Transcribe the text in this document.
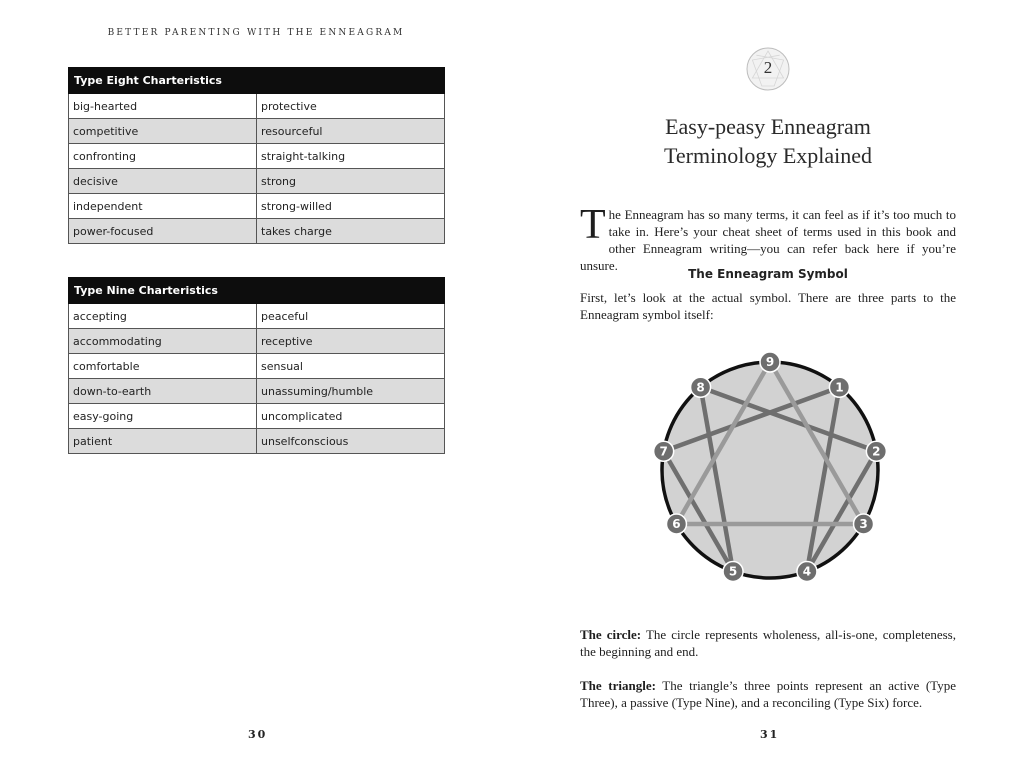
BETTER PARENTING WITH THE ENNEAGRAM
Type Eight Charteristics	
big-hearted	protective
competitive	resourceful
confronting	straight-talking
decisive	strong
independent	strong-willed
power-focused	takes charge
Type Nine Charteristics	
accepting	peaceful
accommodating	receptive
comfortable	sensual
down-to-earth	unassuming/humble
easy-going	uncomplicated
patient	unselfconscious
30
2
Easy-peasy Enneagram
Terminology Explained
The Enneagram has so many terms, it can feel as if it’s too much to take in. Here’s your cheat sheet of terms used in this book and other Enneagram writing—you can refer back here if you’re unsure.
The Enneagram Symbol
First, let’s look at the actual symbol. There are three parts to the Enneagram symbol itself:
9
1
2
3
4
5
6
7
8
The circle: The circle represents wholeness, all-is-one, completeness, the beginning and end.
The triangle: The triangle’s three points represent an active (Type Three), a passive (Type Nine), and a reconciling (Type Six) force.
31
